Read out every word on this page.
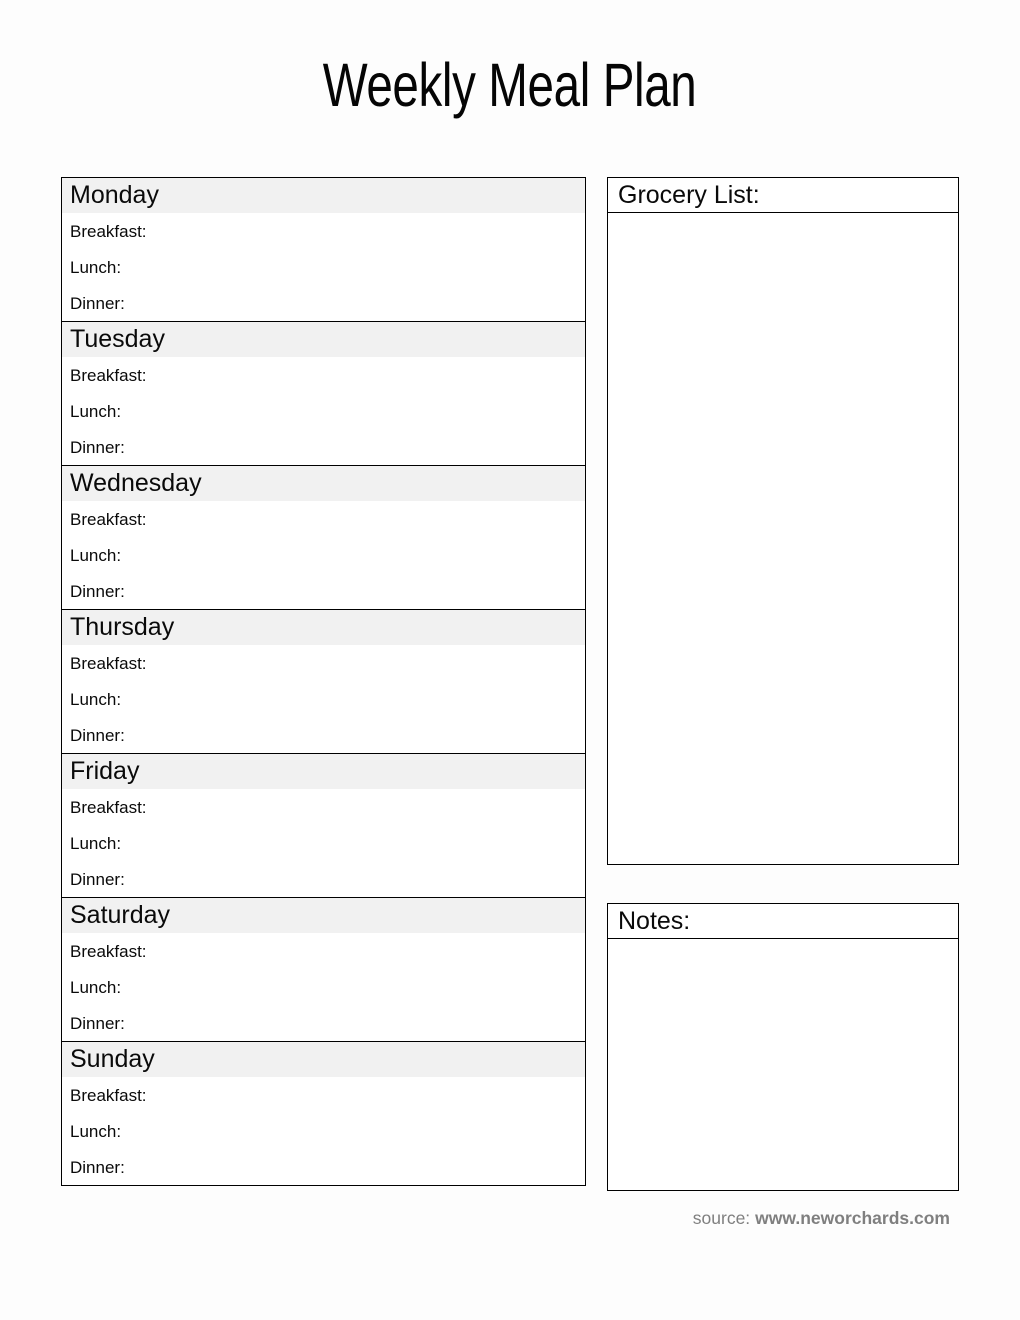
Weekly Meal Plan
Monday
Breakfast:
Lunch:
Dinner:
Tuesday
Breakfast:
Lunch:
Dinner:
Wednesday
Breakfast:
Lunch:
Dinner:
Thursday
Breakfast:
Lunch:
Dinner:
Friday
Breakfast:
Lunch:
Dinner:
Saturday
Breakfast:
Lunch:
Dinner:
Sunday
Breakfast:
Lunch:
Dinner:
Grocery List:
Notes:
source: www.neworchards.com
